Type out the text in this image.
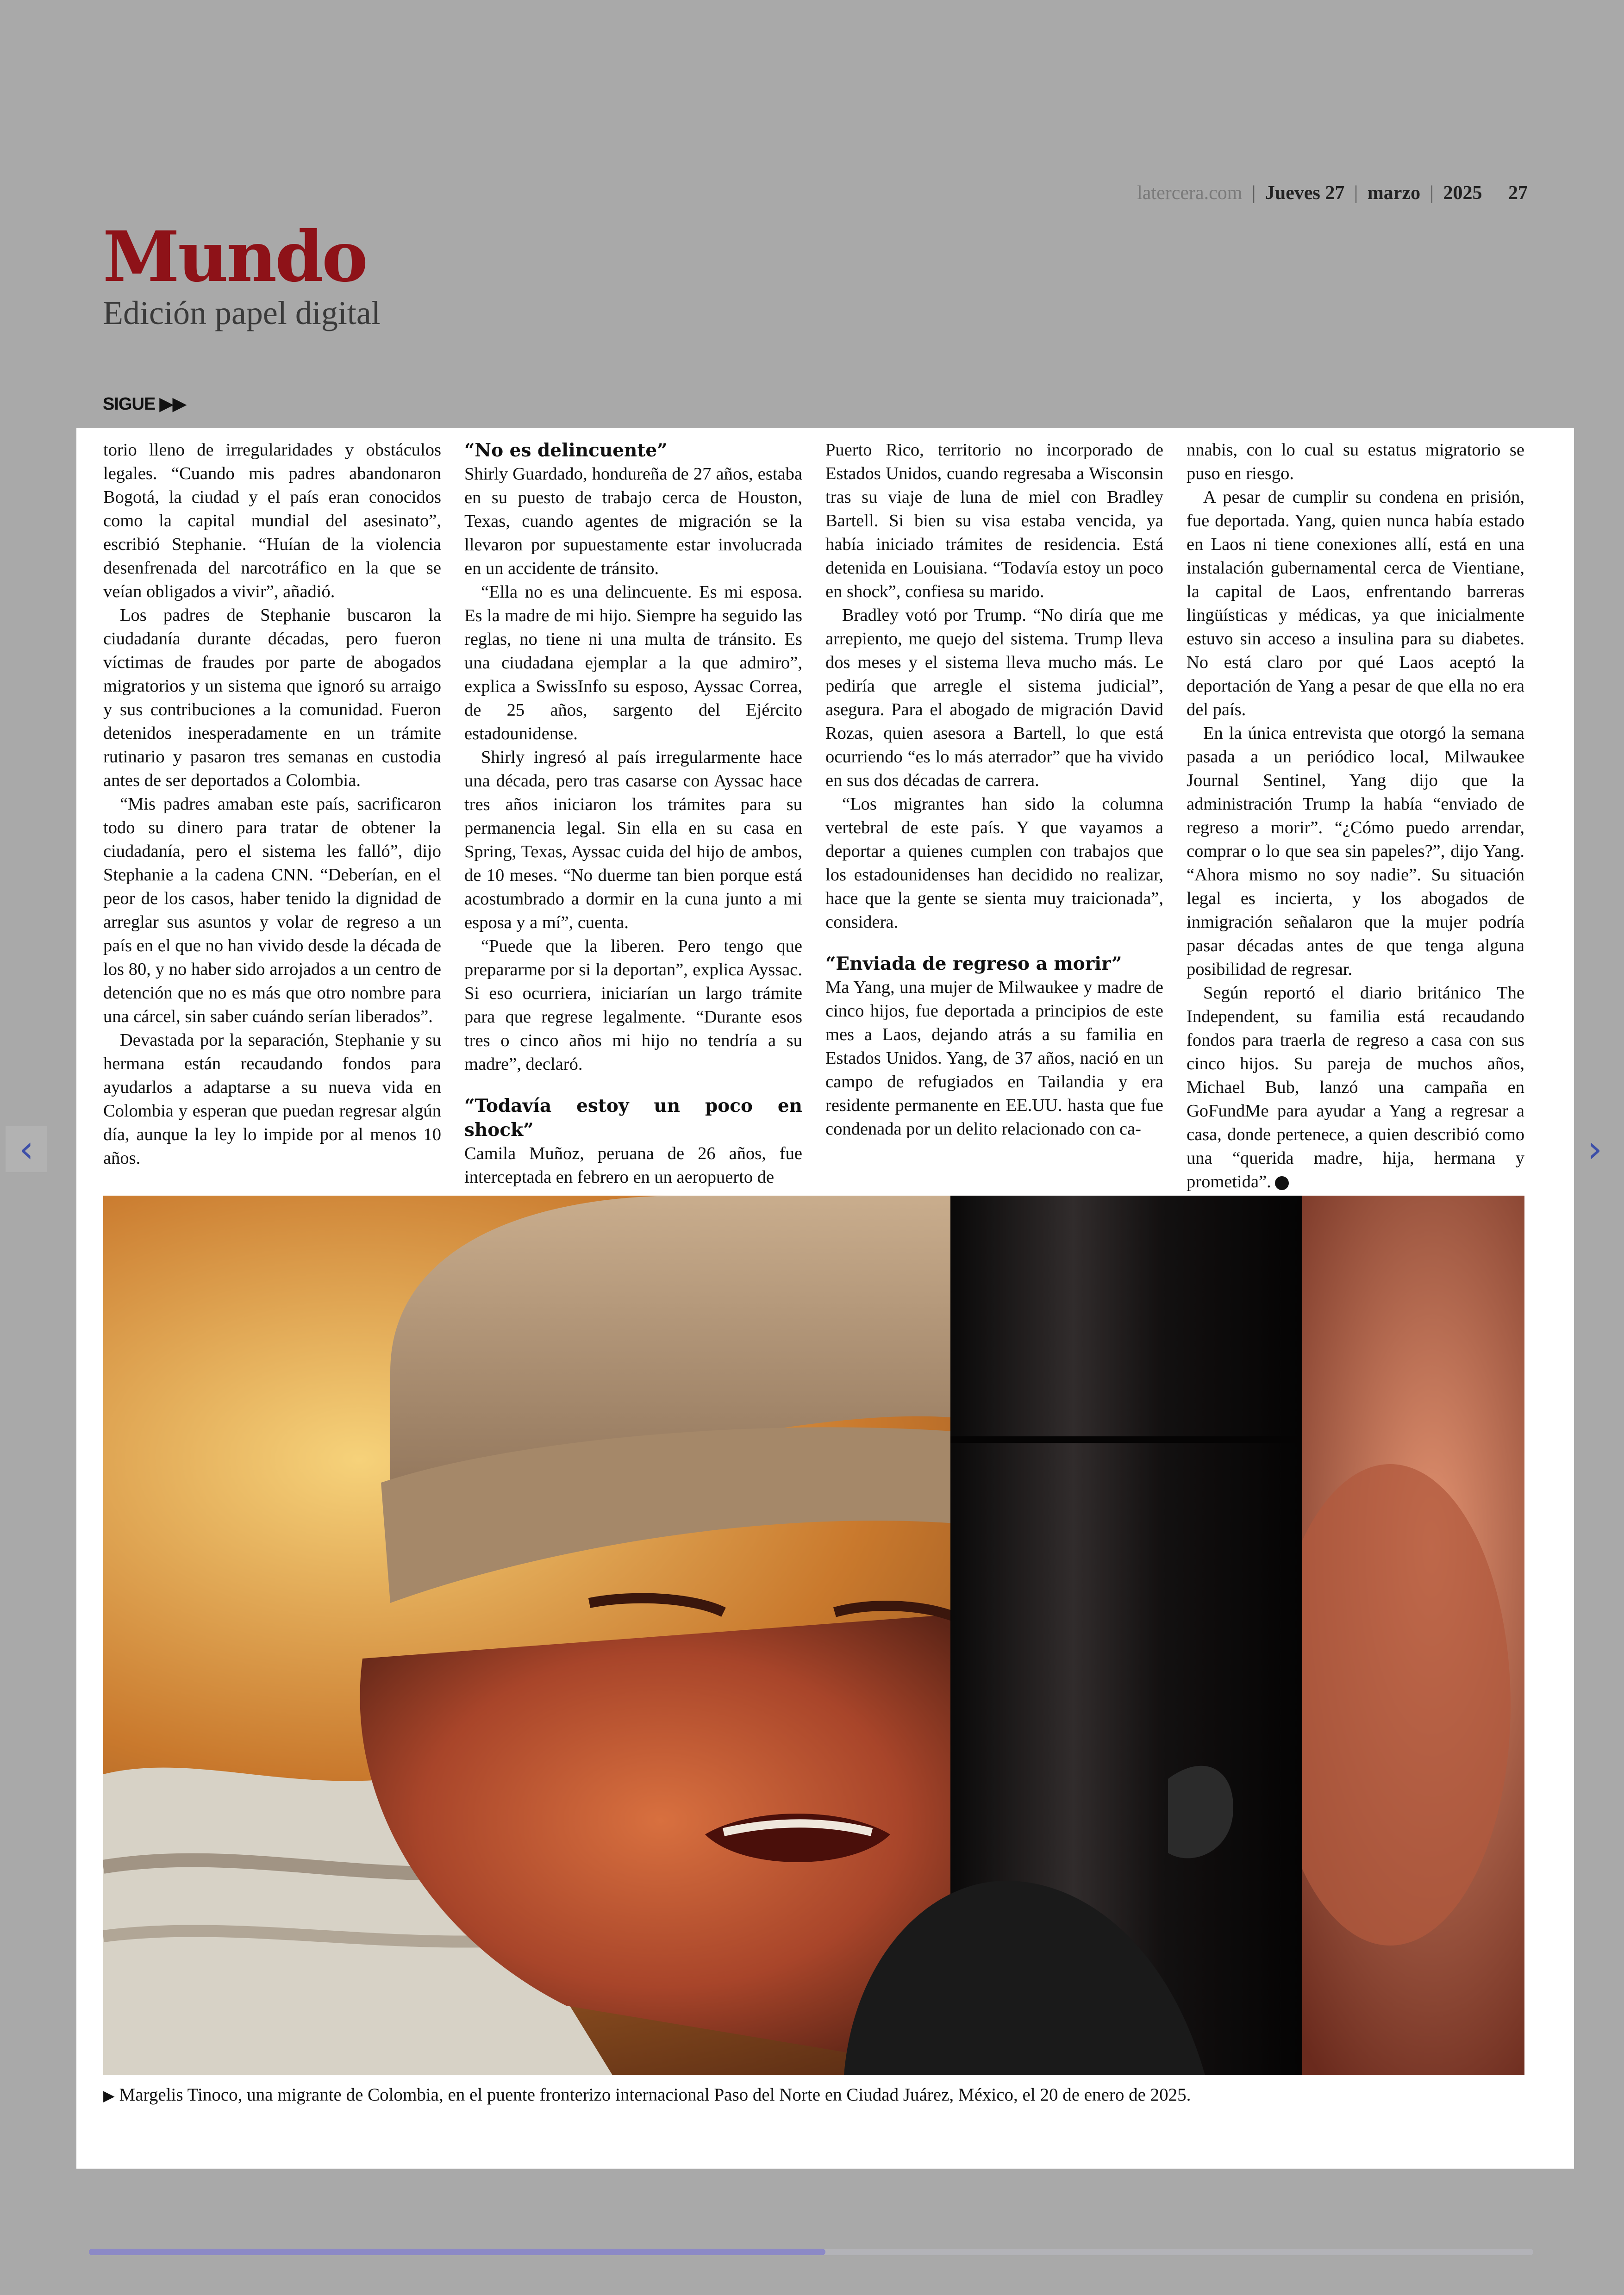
latercera.com | Jueves 27 | marzo | 2025 27
Mundo
Edición papel digital
SIGUE ▶▶

torio lleno de irregularidades y obstáculos legales. “Cuando mis padres abandonaron Bogotá, la ciudad y el país eran conocidos como la capital mundial del asesinato”, escribió Stephanie. “Huían de la violencia desenfrenada del narcotráfico en la que se veían obligados a vivir”, añadió.

Los padres de Stephanie buscaron la ciudadanía durante décadas, pero fueron víctimas de fraudes por parte de abogados migratorios y un sistema que ignoró su arraigo y sus contribuciones a la comunidad. Fueron detenidos inesperadamente en un trámite rutinario y pasaron tres semanas en custodia antes de ser deportados a Colombia.

“Mis padres amaban este país, sacrificaron todo su dinero para tratar de obtener la ciudadanía, pero el sistema les falló”, dijo Stephanie a la cadena CNN. “Deberían, en el peor de los casos, haber tenido la dignidad de arreglar sus asuntos y volar de regreso a un país en el que no han vivido desde la década de los 80, y no haber sido arrojados a un centro de detención que no es más que otro nombre para una cárcel, sin saber cuándo serían liberados”.

Devastada por la separación, Stephanie y su hermana están recaudando fondos para ayudarlos a adaptarse a su nueva vida en Colombia y esperan que puedan regresar algún día, aunque la ley lo impide por al menos 10 años.

“No es delincuente”

Shirly Guardado, hondureña de 27 años, estaba en su puesto de trabajo cerca de Houston, Texas, cuando agentes de migración se la llevaron por supuestamente estar involucrada en un accidente de tránsito.

“Ella no es una delincuente. Es mi esposa. Es la madre de mi hijo. Siempre ha seguido las reglas, no tiene ni una multa de tránsito. Es una ciudadana ejemplar a la que admiro”, explica a SwissInfo su esposo, Ayssac Correa, de 25 años, sargento del Ejército estadounidense.

Shirly ingresó al país irregularmente hace una década, pero tras casarse con Ayssac hace tres años iniciaron los trámites para su permanencia legal. Sin ella en su casa en Spring, Texas, Ayssac cuida del hijo de ambos, de 10 meses. “No duerme tan bien porque está acostumbrado a dormir en la cuna junto a mi esposa y a mí”, cuenta.

“Puede que la liberen. Pero tengo que prepararme por si la deportan”, explica Ayssac. Si eso ocurriera, iniciarían un largo trámite para que regrese legalmente. “Durante esos tres o cinco años mi hijo no tendría a su madre”, declaró.

“Todavía estoy un poco en shock”

Camila Muñoz, peruana de 26 años, fue interceptada en febrero en un aeropuerto de

Puerto Rico, territorio no incorporado de Estados Unidos, cuando regresaba a Wisconsin tras su viaje de luna de miel con Bradley Bartell. Si bien su visa estaba vencida, ya había iniciado trámites de residencia. Está detenida en Louisiana. “Todavía estoy un poco en shock”, confiesa su marido.

Bradley votó por Trump. “No diría que me arrepiento, me quejo del sistema. Trump lleva dos meses y el sistema lleva mucho más. Le pediría que arregle el sistema judicial”, asegura. Para el abogado de migración David Rozas, quien asesora a Bartell, lo que está ocurriendo “es lo más aterrador” que ha vivido en sus dos décadas de carrera.

“Los migrantes han sido la columna vertebral de este país. Y que vayamos a deportar a quienes cumplen con trabajos que los estadounidenses han decidido no realizar, hace que la gente se sienta muy traicionada”, considera.

“Enviada de regreso a morir”

Ma Yang, una mujer de Milwaukee y madre de cinco hijos, fue deportada a principios de este mes a Laos, dejando atrás a su familia en Estados Unidos. Yang, de 37 años, nació en un campo de refugiados en Tailandia y era residente permanente en EE.UU. hasta que fue condenada por un delito relacionado con ca-

nnabis, con lo cual su estatus migratorio se puso en riesgo.

A pesar de cumplir su condena en prisión, fue deportada. Yang, quien nunca había estado en Laos ni tiene conexiones allí, está en una instalación gubernamental cerca de Vientiane, la capital de Laos, enfrentando barreras lingüísticas y médicas, ya que inicialmente estuvo sin acceso a insulina para su diabetes. No está claro por qué Laos aceptó la deportación de Yang a pesar de que ella no era del país.

En la única entrevista que otorgó la semana pasada a un periódico local, Milwaukee Journal Sentinel, Yang dijo que la administración Trump la había “enviado de regreso a morir”. “¿Cómo puedo arrendar, comprar o lo que sea sin papeles?”, dijo Yang. “Ahora mismo no soy nadie”. Su situación legal es incierta, y los abogados de inmigración señalaron que la mujer podría pasar décadas antes de que tenga alguna posibilidad de regresar.

Según reportó el diario británico The Independent, su familia está recaudando fondos para traerla de regreso a casa con sus cinco hijos. Su pareja de muchos años, Michael Bub, lanzó una campaña en GoFundMe para ayudar a Yang a regresar a casa, donde pertenece, a quien describió como una “querida madre, hija, hermana y prometida”.

▶ Margelis Tinoco, una migrante de Colombia, en el puente fronterizo internacional Paso del Norte en Ciudad Juárez, México, el 20 de enero de 2025.
‹	›
